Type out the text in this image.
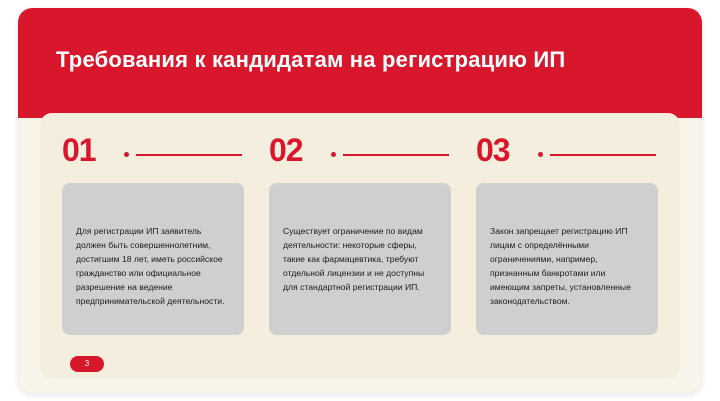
Требования к кандидатам на регистрацию ИП
01
Для регистрации ИП заявитель должен быть совершеннолетним, достигшим 18 лет, иметь российское гражданство или официальное разрешение на ведение предпринимательской деятельности.
02
Существует ограничение по видам деятельности: некоторые сферы, такие как фармацевтика, требуют отдельной лицензии и не доступны для стандартной регистрации ИП.
03
Закон запрещает регистрацию ИП лицам с определёнными ограничениями, например, признанным банкротами или имеющим запреты, установленные законодательством.
3
